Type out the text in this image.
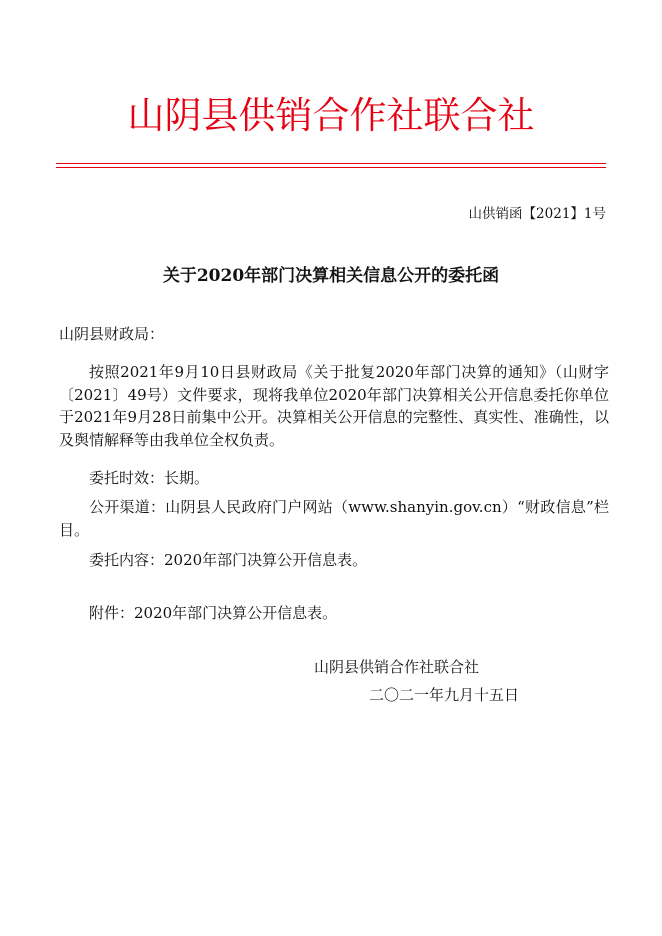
山阴县供销合作社联合社
山供销函【2021】1号
关于2020年部门决算相关信息公开的委托函
山阴县财政局：

按照2021年9月10日县财政局《关于批复2020年部门决算的通知》（山财字〔2021〕49号）文件要求，现将我单位2020年部门决算相关公开信息委托你单位于2021年9月28日前集中公开。决算相关公开信息的完整性、真实性、准确性，以及舆情解释等由我单位全权负责。

委托时效：长期。

公开渠道：山阴县人民政府门户网站（www.shanyin.gov.cn）“财政信息”栏目。

委托内容：2020年部门决算公开信息表。

附件：2020年部门决算公开信息表。

山阴县供销合作社联合社
二〇二一年九月十五日
